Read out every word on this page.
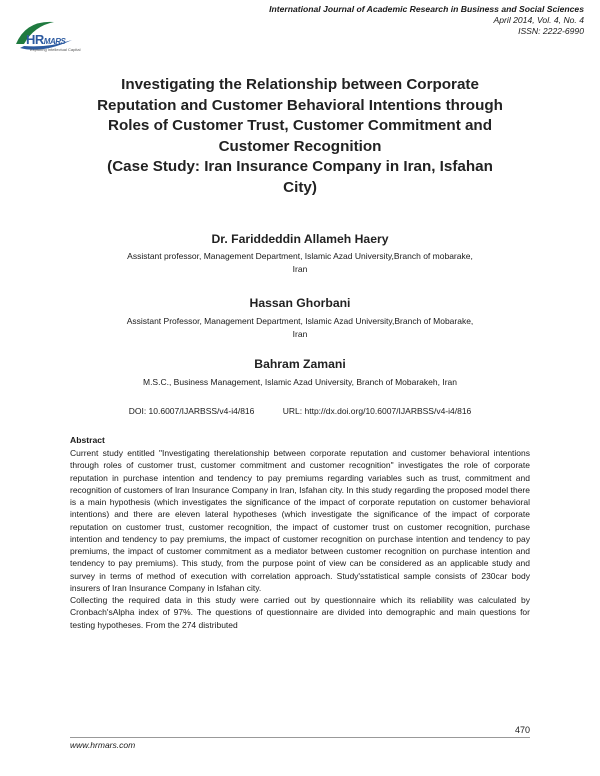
HRMARS
Exploring Intellectual Capital
International Journal of Academic Research in Business and Social Sciences
April 2014, Vol. 4, No. 4
ISSN: 2222-6990
Investigating the Relationship between Corporate
Reputation and Customer Behavioral Intentions through
Roles of Customer Trust, Customer Commitment and
Customer Recognition
(Case Study: Iran Insurance Company in Iran, Isfahan
City)
Dr. Fariddeddin Allameh Haery
Assistant professor, Management Department, Islamic Azad University,Branch of mobarake,
Iran
Hassan Ghorbani
Assistant Professor, Management Department, Islamic Azad University,Branch of Mobarake,
Iran
Bahram Zamani
M.S.C., Business Management, Islamic Azad University, Branch of Mobarakeh, Iran
DOI: 10.6007/IJARBSS/v4-i4/816	URL: http://dx.doi.org/10.6007/IJARBSS/v4-i4/816
Abstract

Current study entitled "Investigating therelationship between corporate reputation and customer behavioral intentions through roles of customer trust, customer commitment and customer recognition" investigates the role of corporate reputation in purchase intention and tendency to pay premiums regarding variables such as trust, commitment and recognition of customers of Iran Insurance Company in Iran, Isfahan city. In this study regarding the proposed model there is a main hypothesis (which investigates the significance of the impact of corporate reputation on customer behavioral intentions) and there are eleven lateral hypotheses (which investigate the significance of the impact of corporate reputation on customer trust, customer recognition, the impact of customer trust on customer recognition, purchase intention and tendency to pay premiums, the impact of customer recognition on purchase intention and tendency to pay premiums, the impact of customer commitment as a mediator between customer recognition on purchase intention and tendency to pay premiums). This study, from the purpose point of view can be considered as an applicable study and survey in terms of method of execution with correlation approach. Study'sstatistical sample consists of 230car body insurers of Iran Insurance Company in Isfahan city.

Collecting the required data in this study were carried out by questionnaire which its reliability was calculated by Cronbach'sAlpha index of 97%. The questions of questionnaire are divided into demographic and main questions for testing hypotheses. From the 274 distributed

470
www.hrmars.com
